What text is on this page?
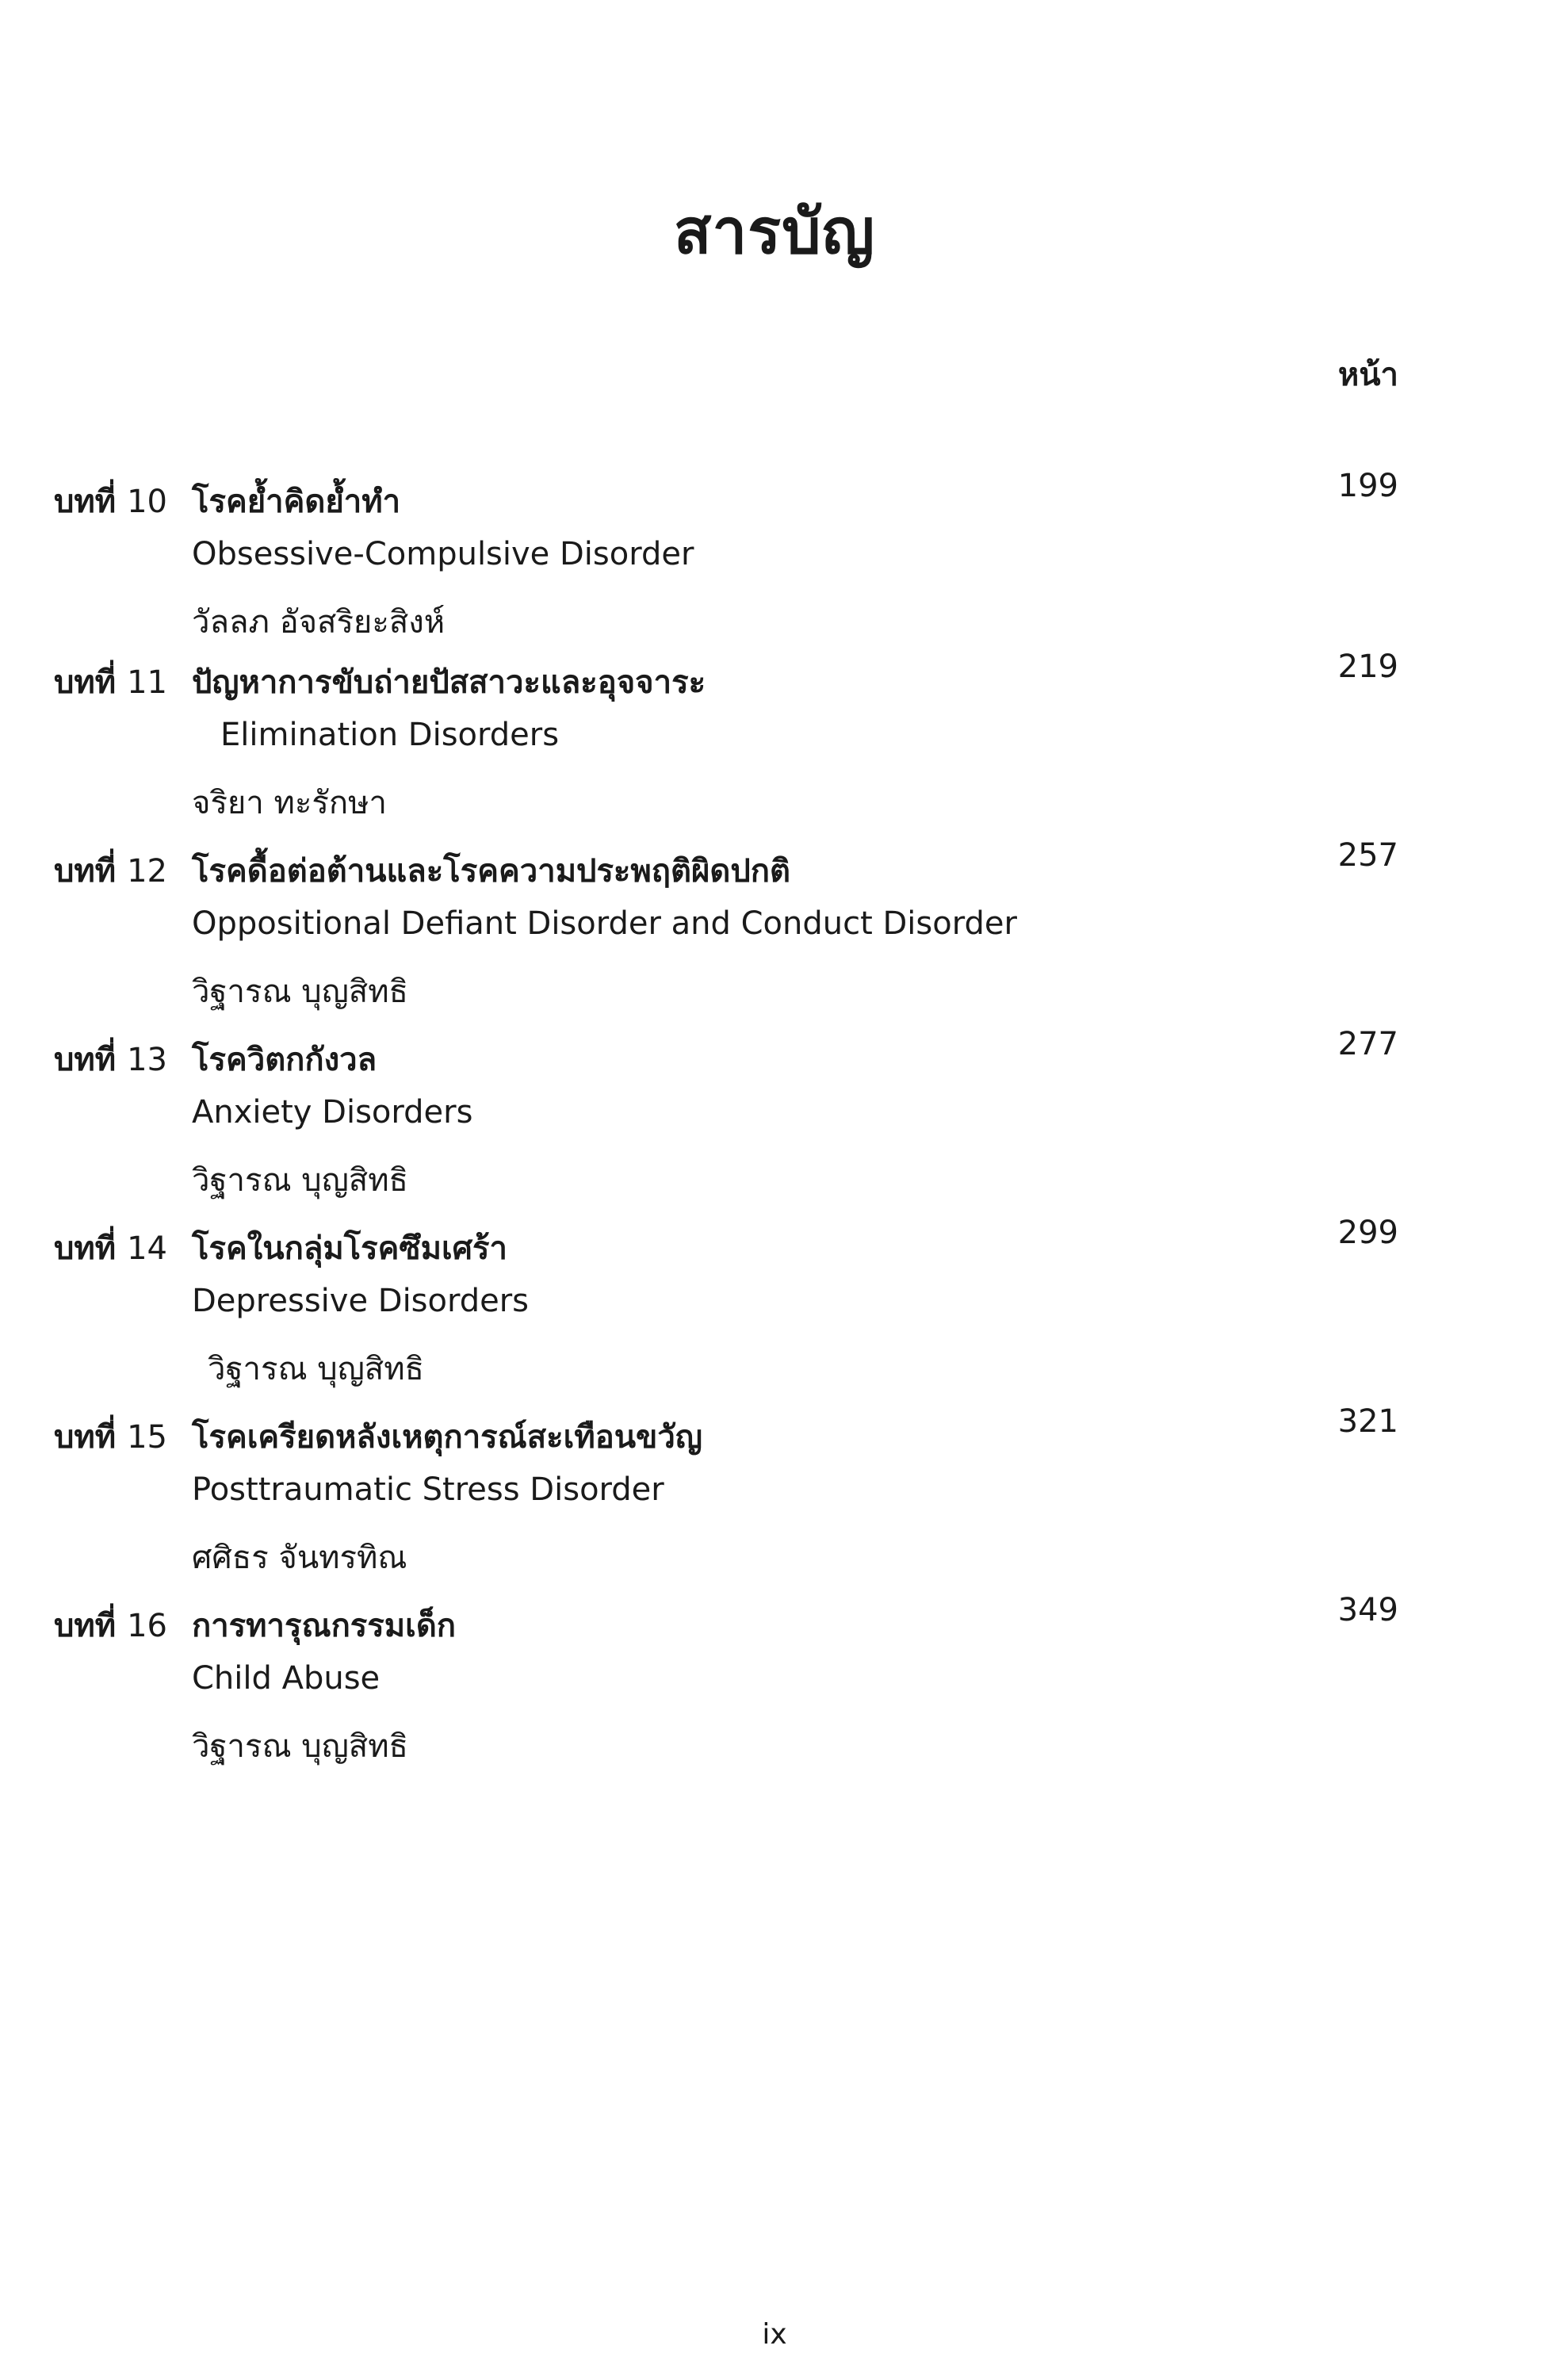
สารบัญ
หน้า
บทที่ 10 โรคย้ำคิดย้ำทำ
Obsessive-Compulsive Disorder
วัลลภ อัจสริยะสิงห์
199
บทที่ 11 ปัญหาการขับถ่ายปัสสาวะและอุจจาระ
Elimination Disorders
จริยา ทะรักษา
219
บทที่ 12 โรคดื้อต่อต้านและโรคความประพฤติผิดปกติ
Oppositional Defiant Disorder and Conduct Disorder
วิฐารณ บุญสิทธิ
257
บทที่ 13 โรควิตกกังวล
Anxiety Disorders
วิฐารณ บุญสิทธิ
277
บทที่ 14 โรคในกลุ่มโรคซึมเศร้า
Depressive Disorders
วิฐารณ บุญสิทธิ
299
บทที่ 15 โรคเครียดหลังเหตุการณ์สะเทือนขวัญ
Posttraumatic Stress Disorder
ศศิธร จันทรทิณ
321
บทที่ 16 การทารุณกรรมเด็ก
Child Abuse
วิฐารณ บุญสิทธิ
349
ix
